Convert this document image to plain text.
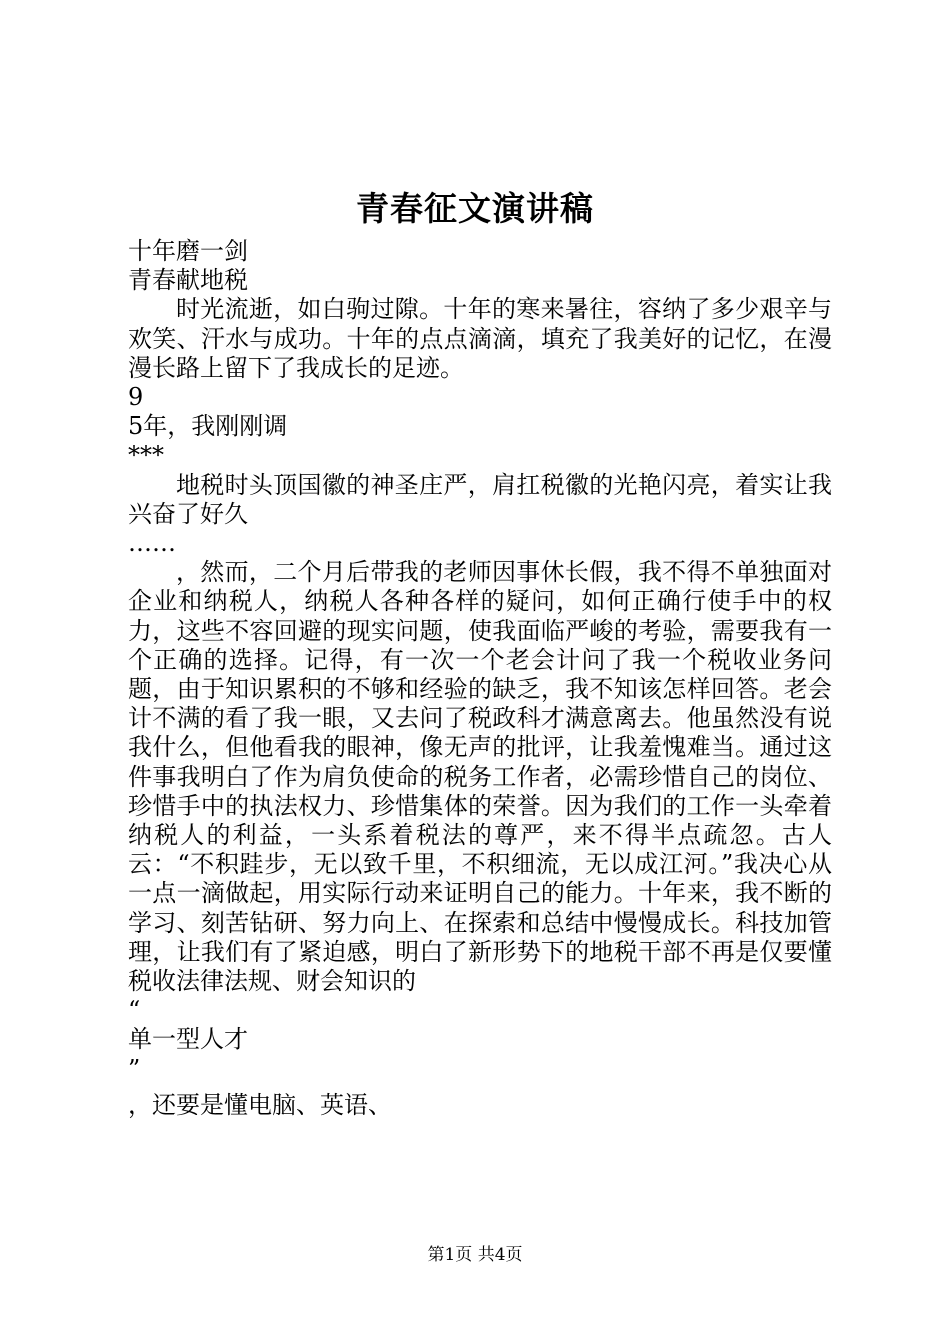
青春征文演讲稿

十年磨一剑

青春献地税

时光流逝，如白驹过隙。十年的寒来暑往，容纳了多少艰辛与欢笑、汗水与成功。十年的点点滴滴，填充了我美好的记忆，在漫漫长路上留下了我成长的足迹。

9

5年，我刚刚调

***

地税时头顶国徽的神圣庄严，肩扛税徽的光艳闪亮，着实让我兴奋了好久

……

，然而，二个月后带我的老师因事休长假，我不得不单独面对企业和纳税人，纳税人各种各样的疑问，如何正确行使手中的权力，这些不容回避的现实问题，使我面临严峻的考验，需要我有一个正确的选择。记得，有一次一个老会计问了我一个税收业务问题，由于知识累积的不够和经验的缺乏，我不知该怎样回答。老会计不满的看了我一眼，又去问了税政科才满意离去。他虽然没有说我什么，但他看我的眼神，像无声的批评，让我羞愧难当。通过这件事我明白了作为肩负使命的税务工作者，必需珍惜自己的岗位、珍惜手中的执法权力、珍惜集体的荣誉。因为我们的工作一头牵着纳税人的利益，一头系着税法的尊严，来不得半点疏忽。古人云：“不积跬步，无以致千里，不积细流，无以成江河。”我决心从一点一滴做起，用实际行动来证明自己的能力。十年来，我不断的学习、刻苦钻研、努力向上、在探索和总结中慢慢成长。科技加管理，让我们有了紧迫感，明白了新形势下的地税干部不再是仅要懂税收法律法规、财会知识的

“

单一型人才

”

，还要是懂电脑、英语、

第1页 共4页
